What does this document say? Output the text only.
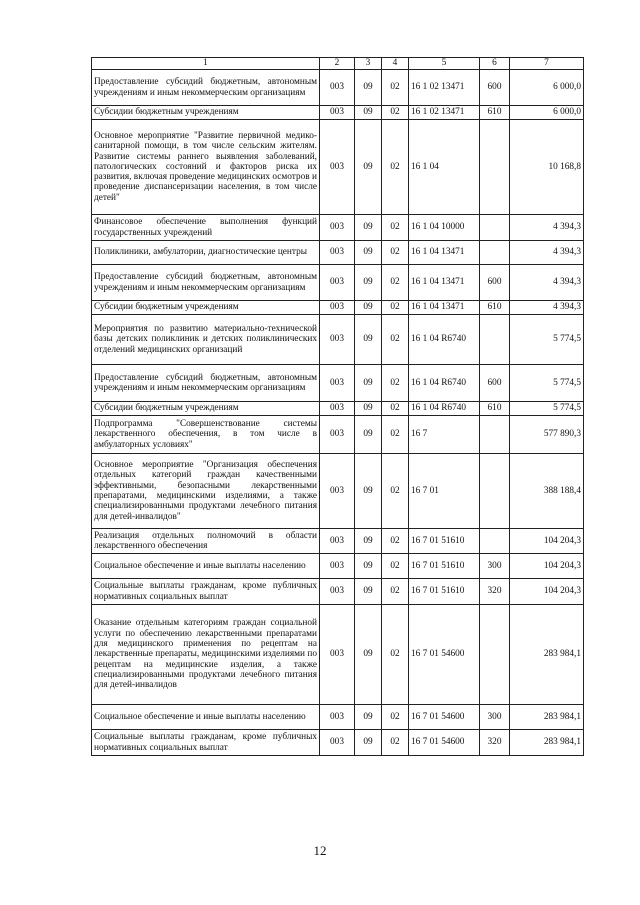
1	2	3	4	5	6	7
Предоставление субсидий бюджетным, автономным учреждениям и иным некоммерческим организациям	003	09	02	16 1 02 13471	600	6 000,0
Субсидии бюджетным учреждениям	003	09	02	16 1 02 13471	610	6 000,0
Основное мероприятие "Развитие первичной медико-санитарной помощи, в том числе сельским жителям. Развитие системы раннего выявления заболеваний, патологических состояний и факторов риска их развития, включая проведение медицинских осмотров и проведение диспансеризации населения, в том числе детей"	003	09	02	16 1 04		10 168,8
Финансовое обеспечение выполнения функций государственных учреждений	003	09	02	16 1 04 10000		4 394,3
Поликлиники, амбулатории, диагностические центры	003	09	02	16 1 04 13471		4 394,3
Предоставление субсидий бюджетным, автономным учреждениям и иным некоммерческим организациям	003	09	02	16 1 04 13471	600	4 394,3
Субсидии бюджетным учреждениям	003	09	02	16 1 04 13471	610	4 394,3
Мероприятия по развитию материально-технической базы детских поликлиник и детских поликлинических отделений медицинских организаций	003	09	02	16 1 04 R6740		5 774,5
Предоставление субсидий бюджетным, автономным учреждениям и иным некоммерческим организациям	003	09	02	16 1 04 R6740	600	5 774,5
Субсидии бюджетным учреждениям	003	09	02	16 1 04 R6740	610	5 774,5
Подпрограмма "Совершенствование системы лекарственного обеспечения, в том числе в амбулаторных условиях"	003	09	02	16 7		577 890,3
Основное мероприятие "Организация обеспечения отдельных категорий граждан качественными эффективными, безопасными лекарственными препаратами, медицинскими изделиями, а также специализированными продуктами лечебного питания для детей-инвалидов"	003	09	02	16 7 01		388 188,4
Реализация отдельных полномочий в области лекарственного обеспечения	003	09	02	16 7 01 51610		104 204,3
Социальное обеспечение и иные выплаты населению	003	09	02	16 7 01 51610	300	104 204,3
Социальные выплаты гражданам, кроме публичных нормативных социальных выплат	003	09	02	16 7 01 51610	320	104 204,3
Оказание отдельным категориям граждан социальной услуги по обеспечению лекарственными препаратами для медицинского применения по рецептам на лекарственные препараты, медицинскими изделиями по рецептам на медицинские изделия, а также специализированными продуктами лечебного питания для детей-инвалидов	003	09	02	16 7 01 54600		283 984,1
Социальное обеспечение и иные выплаты населению	003	09	02	16 7 01 54600	300	283 984,1
Социальные выплаты гражданам, кроме публичных нормативных социальных выплат	003	09	02	16 7 01 54600	320	283 984,1
12
